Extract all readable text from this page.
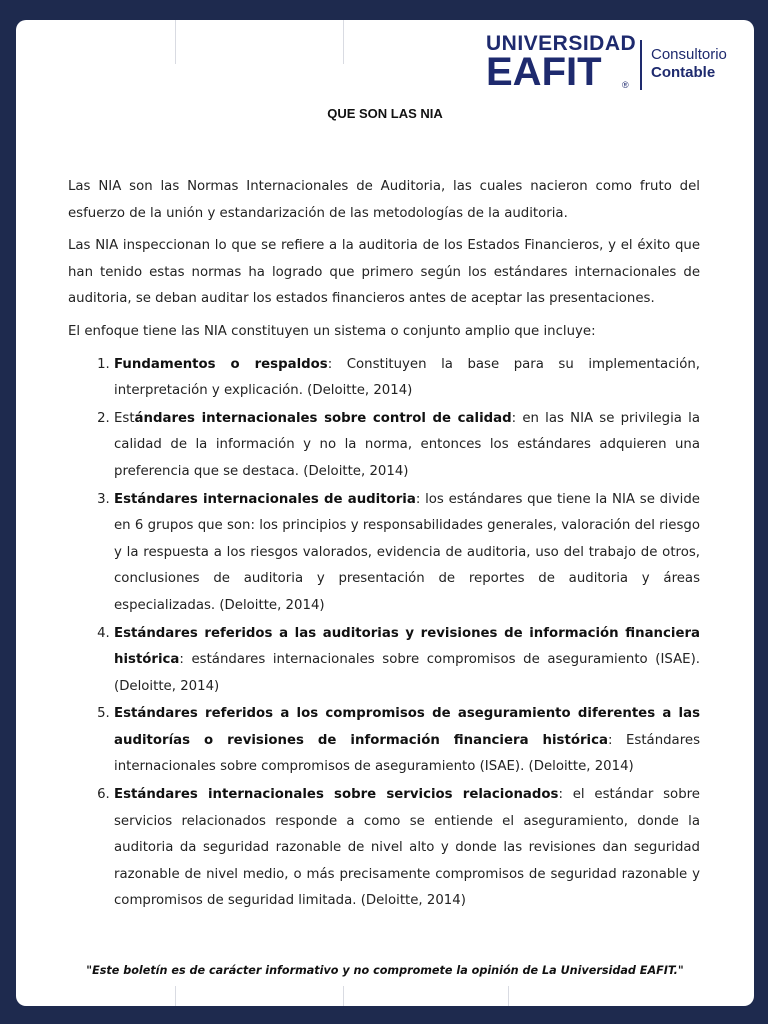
UNIVERSIDAD
EAFIT ®
Consultorio
Contable
QUE SON LAS NIA

Las NIA son las Normas Internacionales de Auditoria, las cuales nacieron como fruto del esfuerzo de la unión y estandarización de las metodologías de la auditoria.

Las NIA inspeccionan lo que se refiere a la auditoria de los Estados Financieros, y el éxito que han tenido estas normas ha logrado que primero según los estándares internacionales de auditoria, se deban auditar los estados financieros antes de aceptar las presentaciones.

El enfoque tiene las NIA constituyen un sistema o conjunto amplio que incluye:

1. Fundamentos o respaldos: Constituyen la base para su implementación, interpretación y explicación. (Deloitte, 2014)
2. Estándares internacionales sobre control de calidad: en las NIA se privilegia la calidad de la información y no la norma, entonces los estándares adquieren una preferencia que se destaca. (Deloitte, 2014)
3. Estándares internacionales de auditoria: los estándares que tiene la NIA se divide en 6 grupos que son: los principios y responsabilidades generales, valoración del riesgo y la respuesta a los riesgos valorados, evidencia de auditoria, uso del trabajo de otros, conclusiones de auditoria y presentación de reportes de auditoria y áreas especializadas. (Deloitte, 2014)
4. Estándares referidos a las auditorias y revisiones de información financiera histórica: estándares internacionales sobre compromisos de aseguramiento (ISAE). (Deloitte, 2014)
5. Estándares referidos a los compromisos de aseguramiento diferentes a las auditorías o revisiones de información financiera histórica: Estándares internacionales sobre compromisos de aseguramiento (ISAE). (Deloitte, 2014)
6. Estándares internacionales sobre servicios relacionados: el estándar sobre servicios relacionados responde a como se entiende el aseguramiento, donde la auditoria da seguridad razonable de nivel alto y donde las revisiones dan seguridad razonable de nivel medio, o más precisamente compromisos de seguridad razonable y compromisos de seguridad limitada. (Deloitte, 2014)
"Este boletín es de carácter informativo y no compromete la opinión de La Universidad EAFIT."
